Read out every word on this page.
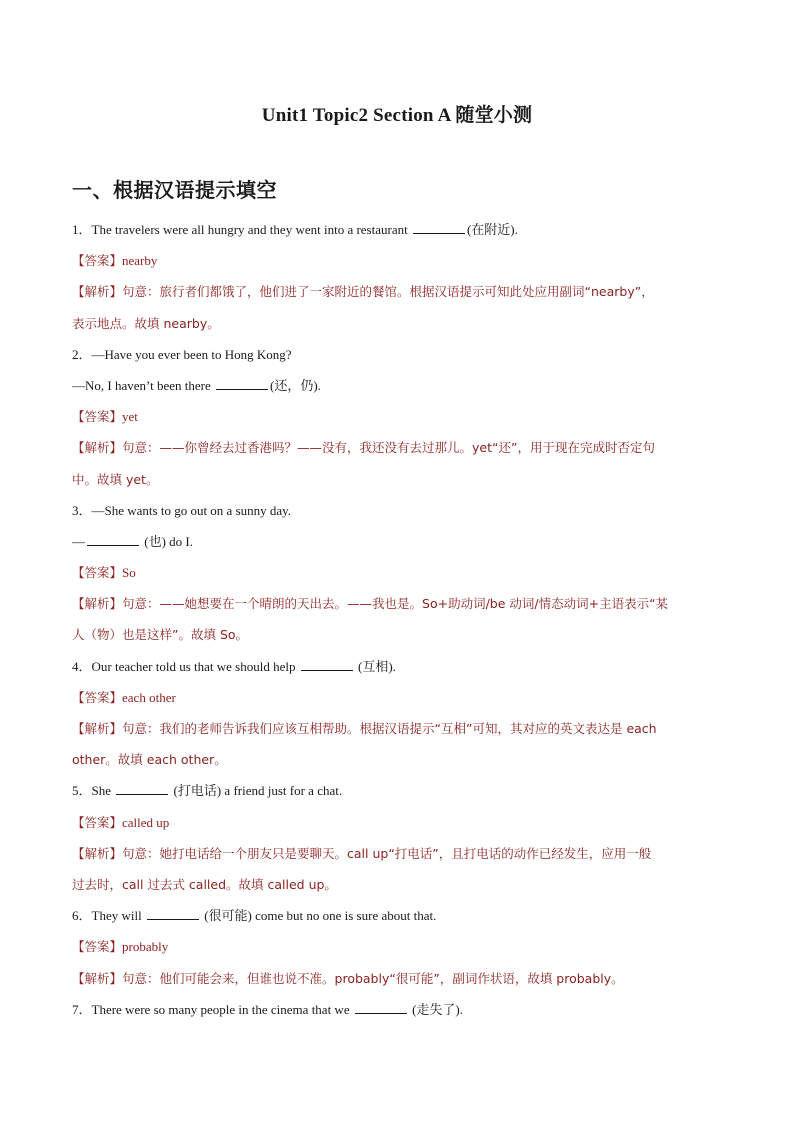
Unit1 Topic2 Section A 随堂小测
一、根据汉语提示填空
1．The travelers were all hungry and they went into a restaurant	(在附近).
【答案】nearby
【解析】句意：旅行者们都饿了，他们进了一家附近的餐馆。根据汉语提示可知此处应用副词“nearby”，
表示地点。故填 nearby。
2．—Have you ever been to Hong Kong?
—No, I haven’t been there	(还，仍).
【答案】yet
【解析】句意：——你曾经去过香港吗？——没有，我还没有去过那儿。yet“还”，用于现在完成时否定句
中。故填 yet。
3．—She wants to go out on a sunny day.
—	(也) do I.
【答案】So
【解析】句意：——她想要在一个晴朗的天出去。——我也是。So+助动词/be 动词/情态动词+主语表示“某
人（物）也是这样”。故填 So。
4．Our teacher told us that we should help	(互相).
【答案】each other
【解析】句意：我们的老师告诉我们应该互相帮助。根据汉语提示“互相”可知，其对应的英文表达是 each
other。故填 each other。
5．She	(打电话) a friend just for a chat.
【答案】called up
【解析】句意：她打电话给一个朋友只是要聊天。call up“打电话”，且打电话的动作已经发生，应用一般
过去时，call 过去式 called。故填 called up。
6．They will	(很可能) come but no one is sure about that.
【答案】probably
【解析】句意：他们可能会来，但谁也说不准。probably“很可能”，副词作状语，故填 probably。
7．There were so many people in the cinema that we	(走失了).
